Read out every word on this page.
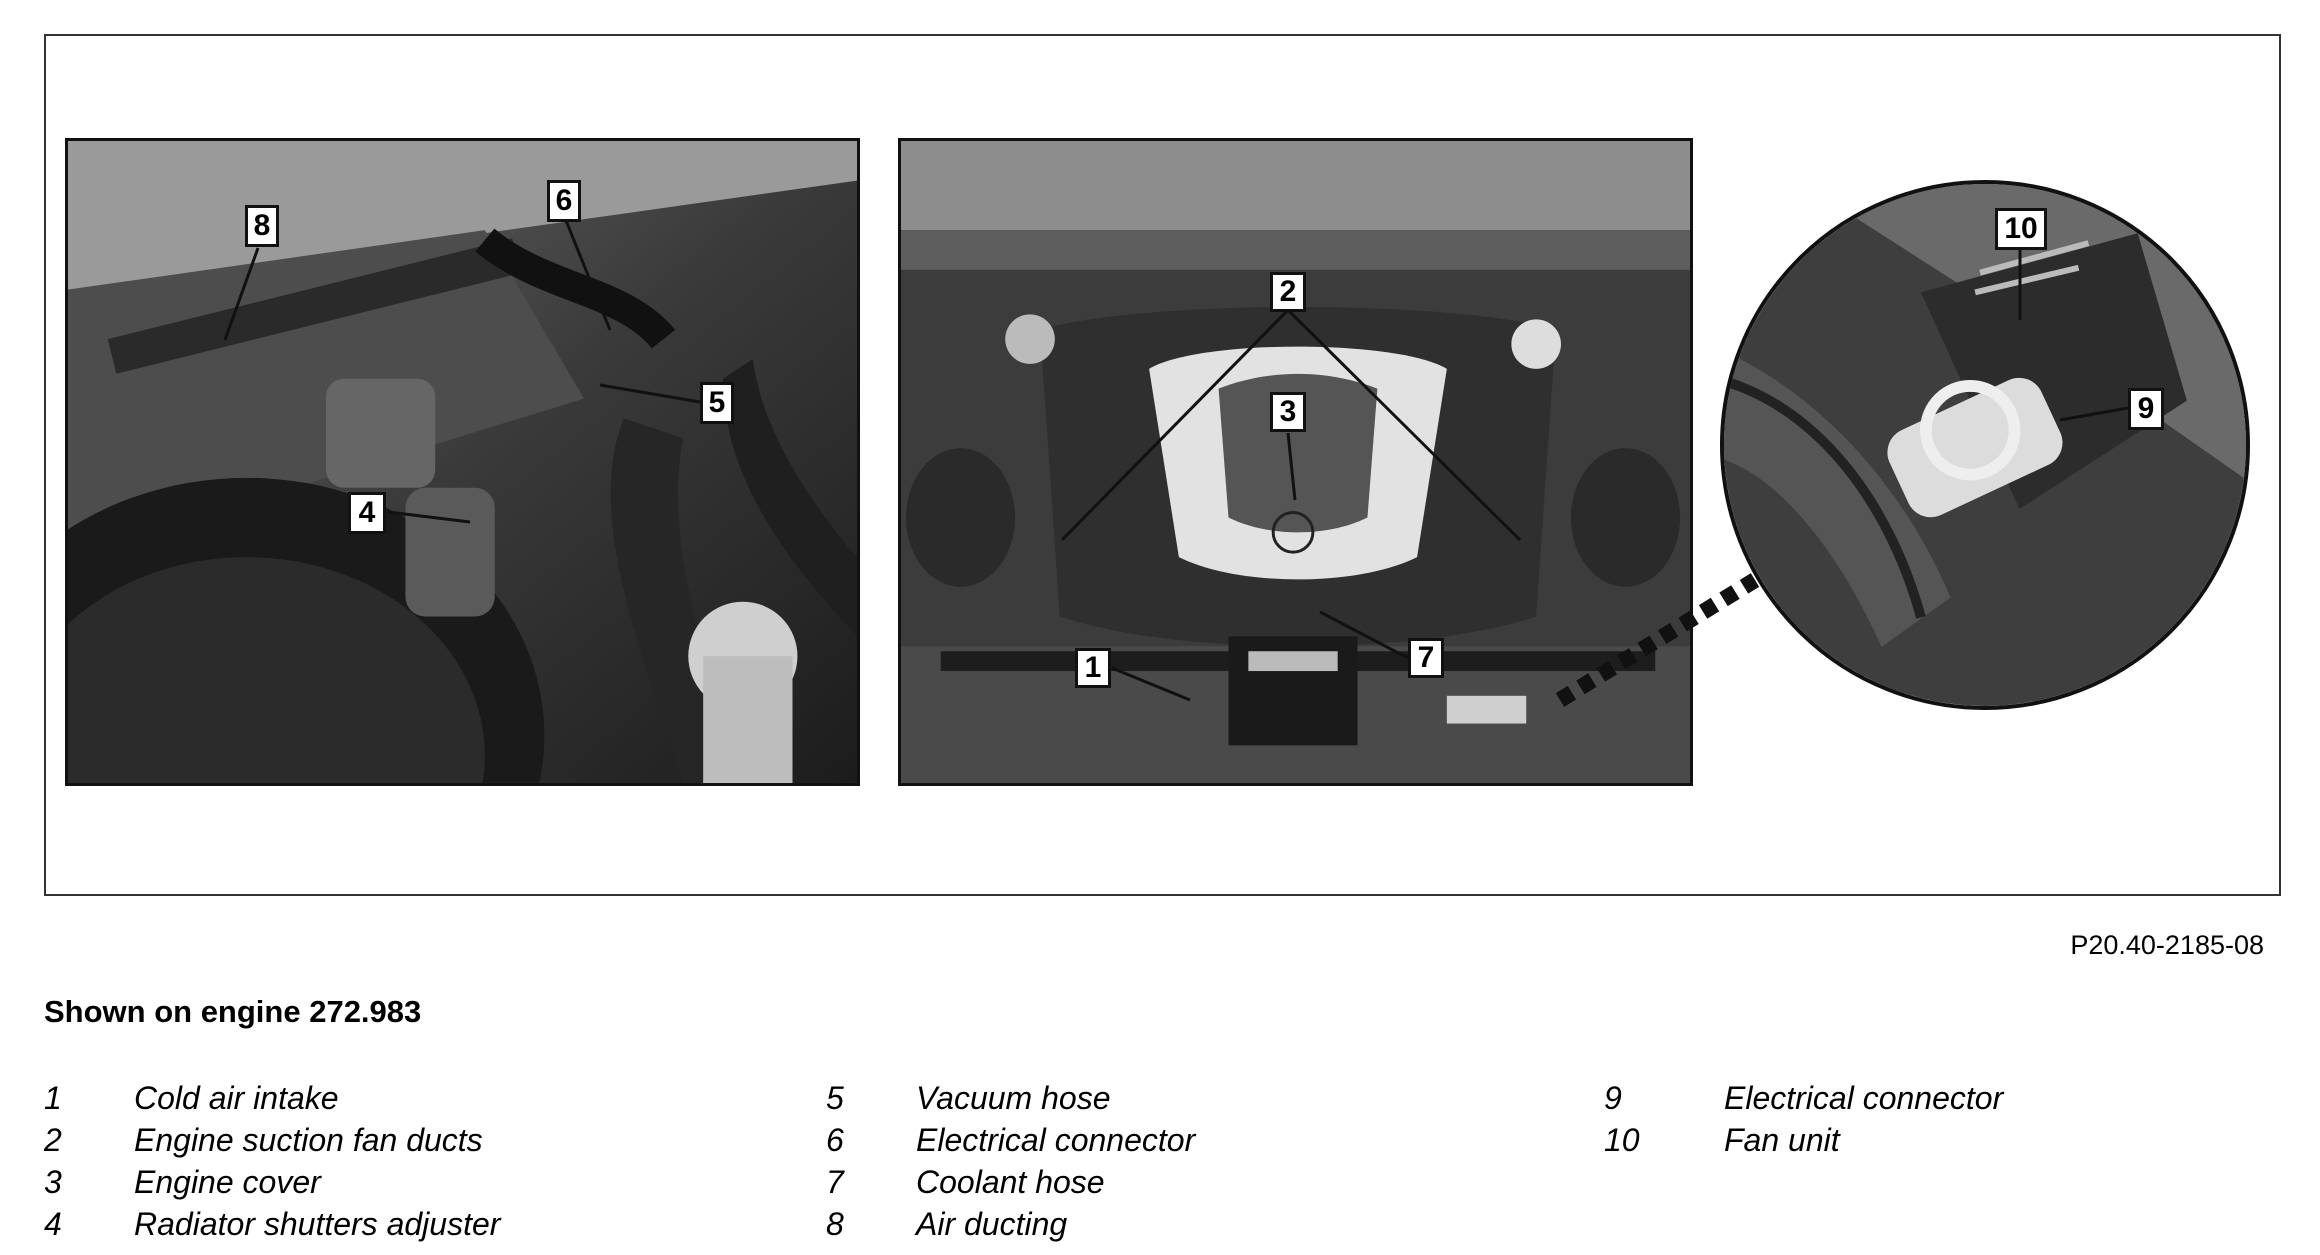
8
6
5
4
2
3
1	7
10
9
P20.40-2185-08
Shown on engine 272.983
1	Cold air intake
2	Engine suction fan ducts
3	Engine cover
4	Radiator shutters adjuster
5	Vacuum hose
6	Electrical connector
7	Coolant hose
8	Air ducting
9	Electrical connector
10	Fan unit
